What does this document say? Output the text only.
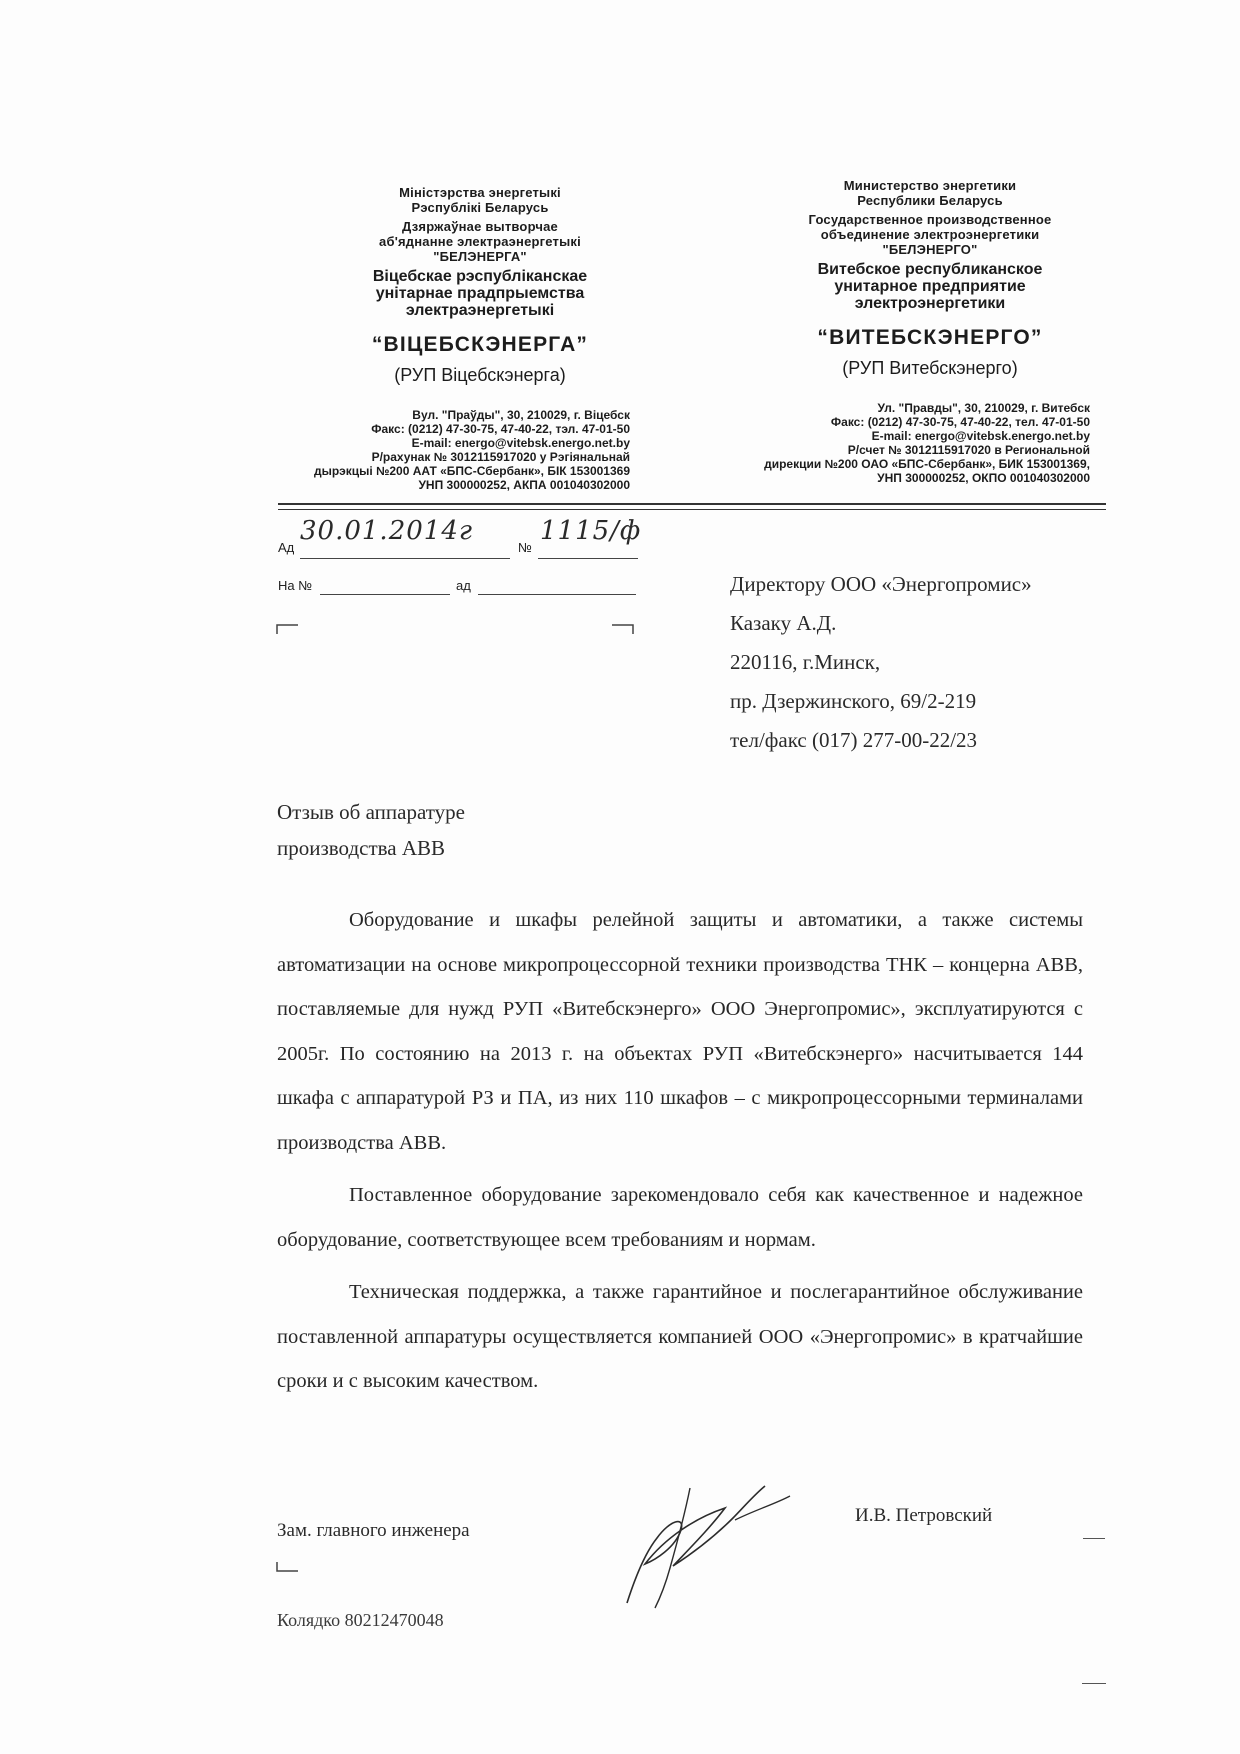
Міністэрства энергетыкі
Рэспублікі Беларусь
Дзяржаўнае вытворчае
аб'яднанне электраэнергетыкі
"БЕЛЭНЕРГА"
Віцебскае рэспубліканскае
унітарнае прадпрыемства
электраэнергетыкі
“ВІЦЕБСКЭНЕРГА”
(РУП Віцебскэнерга)
Вул. "Праўды", 30, 210029, г. Віцебск
Факс: (0212) 47-30-75, 47-40-22, тэл. 47-01-50
E-mail: energo@vitebsk.energo.net.by
Р/рахунак № 3012115917020 у Рэгіянальнай
дырэкцыі №200 ААТ «БПС-Сбербанк», БІК 153001369
УНП 300000252, АКПА 001040302000
Министерство энергетики
Республики Беларусь
Государственное производственное
объединение электроэнергетики
"БЕЛЭНЕРГО"
Витебское республиканское
унитарное предприятие
электроэнергетики
“ВИТЕБСКЭНЕРГО”
(РУП Витебскэнерго)
Ул. "Правды", 30, 210029, г. Витебск
Факс: (0212) 47-30-75, 47-40-22, тел. 47-01-50
E-mail: energo@vitebsk.energo.net.by
Р/счет № 3012115917020 в Региональной
дирекции №200 ОАО «БПС-Сбербанк», БИК 153001369,
УНП 300000252, ОКПО 001040302000
Ад
30.01.2014г
№
1115/ф
На №	ад	Директору ООО «Энергопромис»
Казаку А.Д.
220116, г.Минск,
пр. Дзержинского, 69/2-219
тел/факс (017) 277-00-22/23
Отзыв об аппаратуре
производства АВВ

Оборудование и шкафы релейной защиты и автоматики, а также системы автоматизации на основе микропроцессорной техники производства ТНК – концерна АВВ, поставляемые для нужд РУП «Витебскэнерго» ООО Энергопромис», эксплуатируются с 2005г. По состоянию на 2013 г. на объектах РУП «Витебскэнерго» насчитывается 144 шкафа с аппаратурой РЗ и ПА, из них 110 шкафов – с микропроцессорными терминалами производства АВВ.

Поставленное оборудование зарекомендовало себя как качественное и надежное оборудование, соответствующее всем требованиям и нормам.

Техническая поддержка, а также гарантийное и послегарантийное обслуживание поставленной аппаратуры осуществляется компанией ООО «Энергопромис» в кратчайшие сроки и с высоким качеством.

Зам. главного инженера
И.В. Петровский
Колядко 80212470048
